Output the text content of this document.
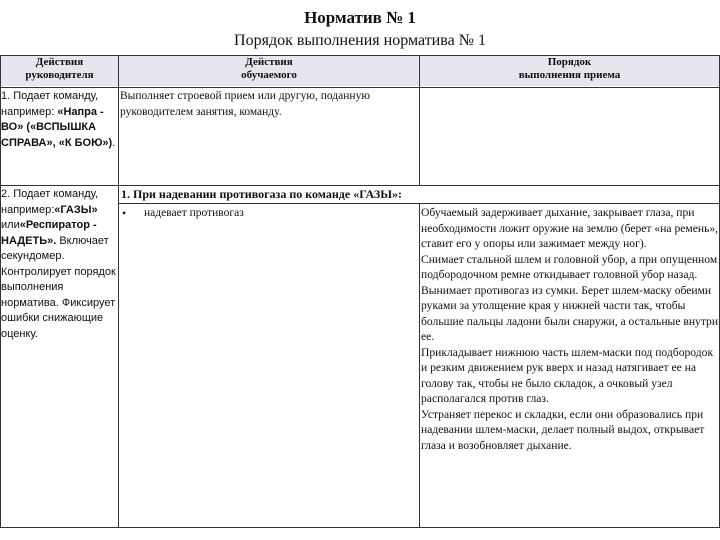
Норматив № 1
Порядок выполнения норматива № 1
Действия
руководителя
Действия
обучаемого
Порядок
выполнения приема
1. Подает команду, например: «Напра - ВО» («ВСПЫШКА СПРАВА», «К БОЮ»).
Выполняет строевой прием или другую, поданную руководителем занятия, команду.
2. Подает команду, например:«ГАЗЫ» или«Респиратор - НАДЕТЬ». Включает секундомер. Контролирует порядок выполнения норматива. Фиксирует ошибки снижающие оценку.
1. При надевании противогаза по команде «ГАЗЫ»:
• надевает противогаз	Обучаемый задерживает дыхание, закрывает глаза, при необходимости ложит оружие на землю (берет «на ремень», ставит его у опоры или зажимает между ног).
Снимает стальной шлем и головной убор, а при опущенном подбородочном ремне откидывает головной убор назад.
Вынимает противогаз из сумки. Берет шлем-маску обеими руками за утолщение края у нижней части так, чтобы большие пальцы ладони были снаружи, а остальные внутри ее.
Прикладывает нижнюю часть шлем-маски под подбородок и резким движением рук вверх и назад натягивает ее на голову так, чтобы не было складок, а очковый узел располагался против глаз.
Устраняет перекос и складки, если они образовались при надевании шлем-маски, делает полный выдох, открывает глаза и возобновляет дыхание.
